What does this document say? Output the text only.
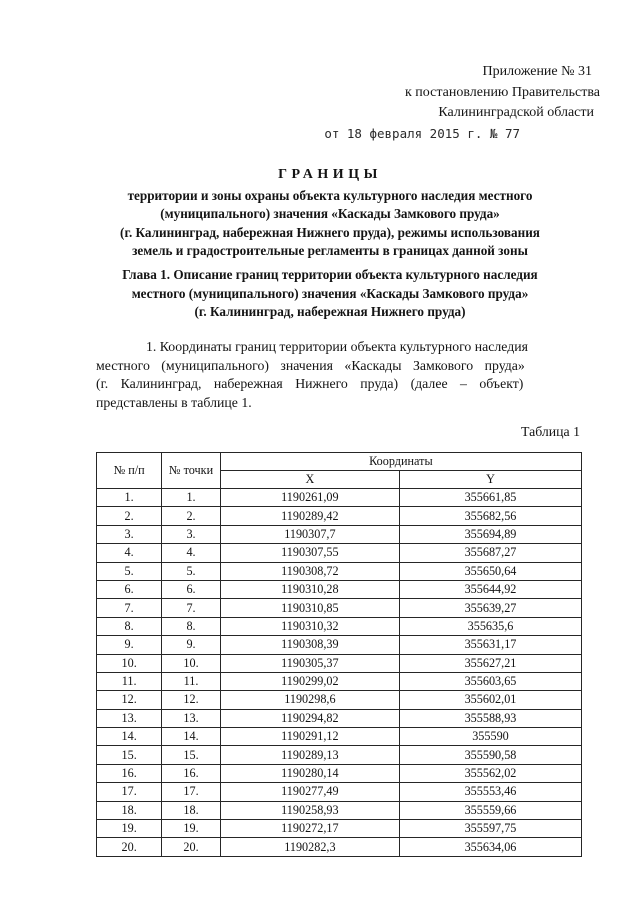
Приложение № 31
к постановлению Правительства
Калининградской области
от 18 февраля 2015 г. № 77
ГРАНИЦЫ
территории и зоны охраны объекта культурного наследия местного
(муниципального) значения «Каскады Замкового пруда»
(г. Калининград, набережная Нижнего пруда), режимы использования
земель и градостроительные регламенты в границах данной зоны
Глава 1. Описание границ территории объекта культурного наследия
местного (муниципального) значения «Каскады Замкового пруда»
(г. Калининград, набережная Нижнего пруда)
1. Координаты границ территории объекта культурного наследия
местного (муниципального) значения «Каскады Замкового пруда»
(г. Калининград, набережная Нижнего пруда) (далее – объект)
представлены в таблице 1.
Таблица 1
№ п/п	№ точки	Координаты	
		X	Y
1.	1.	1190261,09	355661,85
2.	2.	1190289,42	355682,56
3.	3.	1190307,7	355694,89
4.	4.	1190307,55	355687,27
5.	5.	1190308,72	355650,64
6.	6.	1190310,28	355644,92
7.	7.	1190310,85	355639,27
8.	8.	1190310,32	355635,6
9.	9.	1190308,39	355631,17
10.	10.	1190305,37	355627,21
11.	11.	1190299,02	355603,65
12.	12.	1190298,6	355602,01
13.	13.	1190294,82	355588,93
14.	14.	1190291,12	355590
15.	15.	1190289,13	355590,58
16.	16.	1190280,14	355562,02
17.	17.	1190277,49	355553,46
18.	18.	1190258,93	355559,66
19.	19.	1190272,17	355597,75
20.	20.	1190282,3	355634,06
